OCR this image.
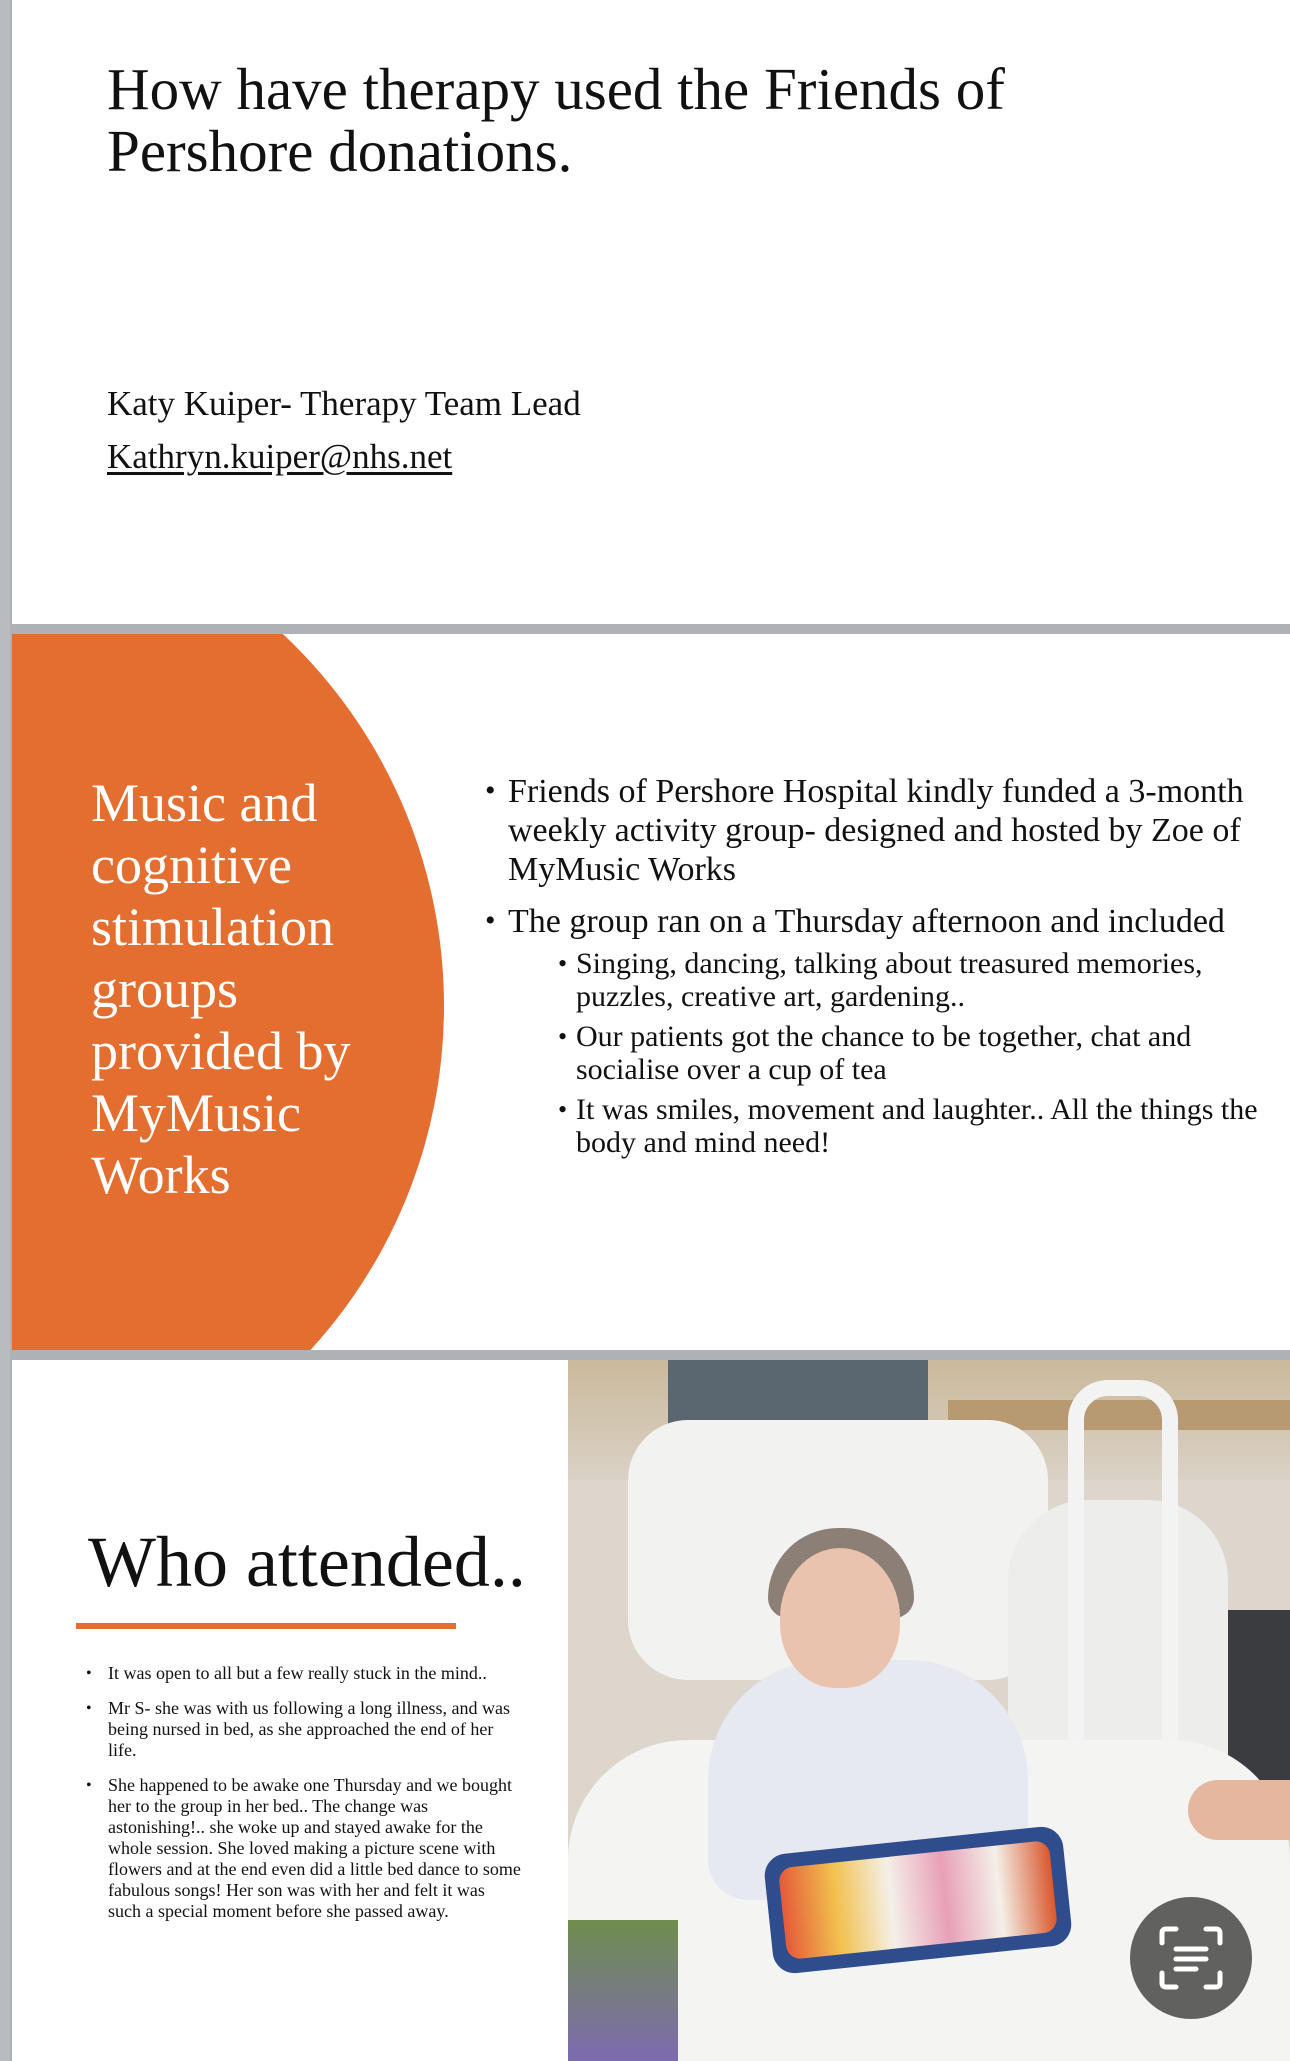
How have therapy used the Friends of Pershore donations.
Katy Kuiper- Therapy Team Lead
Kathryn.kuiper@nhs.net
Music and cognitive stimulation groups provided by MyMusic Works
• Friends of Pershore Hospital kindly funded a 3-month weekly activity group- designed and hosted by Zoe of MyMusic Works
• The group ran on a Thursday afternoon and included
• Singing, dancing, talking about treasured memories, puzzles, creative art, gardening..
• Our patients got the chance to be together, chat and socialise over a cup of tea
• It was smiles, movement and laughter.. All the things the body and mind need!
Who attended..
• It was open to all but a few really stuck in the mind..
• Mr S- she was with us following a long illness, and was being nursed in bed, as she approached the end of her life.
• She happened to be awake one Thursday and we bought her to the group in her bed.. The change was astonishing!.. she woke up and stayed awake for the whole session. She loved making a picture scene with flowers and at the end even did a little bed dance to some fabulous songs! Her son was with her and felt it was such a special moment before she passed away.
